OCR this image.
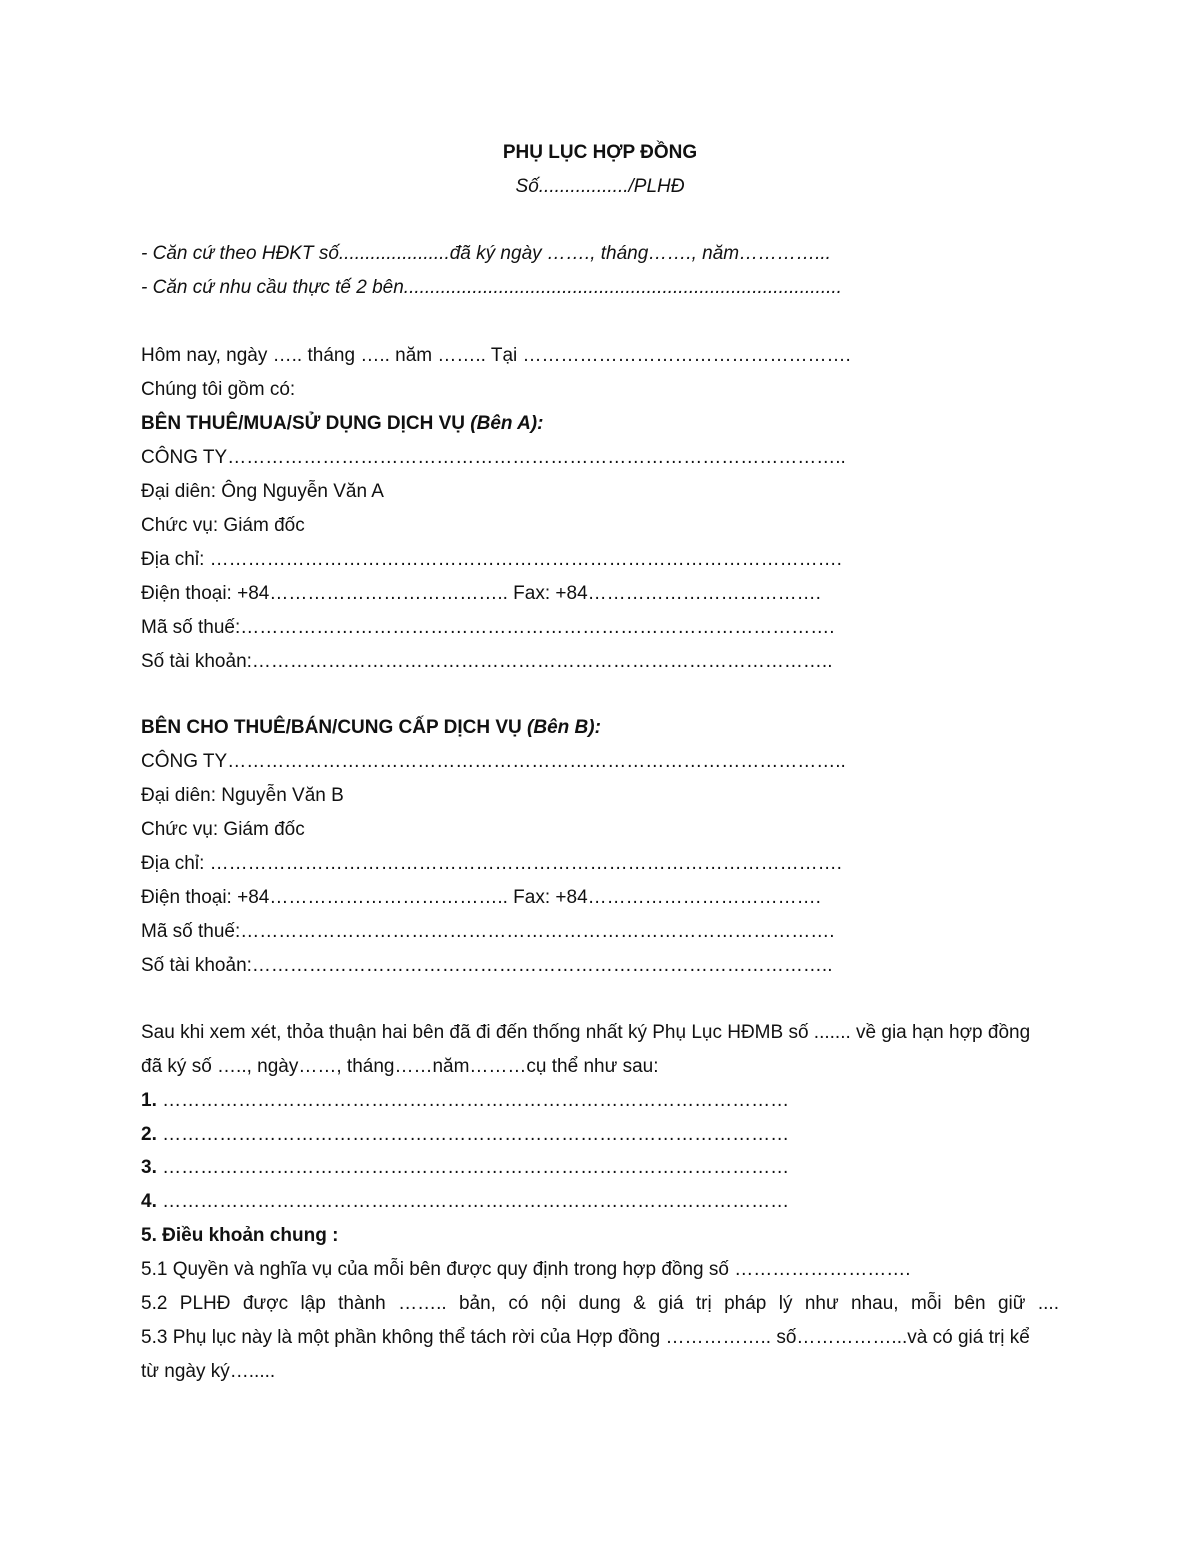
PHỤ LỤC HỢP ĐỒNG
Số................./PLHĐ
- Căn cứ theo HĐKT số.....................đã ký ngày ……., tháng……., năm…………...
- Căn cứ nhu cầu thực tế 2 bên...................................................................................
Hôm nay, ngày ….. tháng ….. năm …….. Tại …………………………………………….
Chúng tôi gồm có:
BÊN THUÊ/MUA/SỬ DỤNG DỊCH VỤ (Bên A):
CÔNG TY……………………………………………………………………………………..
Đại diên: Ông Nguyễn Văn A
Chức vụ: Giám đốc
Địa chỉ: ……………………………………………………………………………………….
Điện thoại: +84……………………………….. Fax: +84……………………………….
Mã số thuế:………………………………………………………………………………….
Số tài khoản:………………………………………………………………………………..
BÊN CHO THUÊ/BÁN/CUNG CẤP DỊCH VỤ (Bên B):
CÔNG TY……………………………………………………………………………………..
Đại diên: Nguyễn Văn B
Chức vụ: Giám đốc
Địa chỉ: ……………………………………………………………………………………….
Điện thoại: +84……………………………….. Fax: +84……………………………….
Mã số thuế:………………………………………………………………………………….
Số tài khoản:………………………………………………………………………………..
Sau khi xem xét, thỏa thuận hai bên đã đi đến thống nhất ký Phụ Lục HĐMB số ....... về gia hạn hợp đồng
đã ký số ….., ngày……, tháng……năm………cụ thể như sau:
1. ………………………………………………………………………………………
2. ………………………………………………………………………………………
3. ………………………………………………………………………………………
4. ………………………………………………………………………………………
5. Điều khoản chung :
5.1 Quyền và nghĩa vụ của mỗi bên được quy định trong hợp đồng số ……………………….
5.2 PLHĐ được lập thành …….. bản, có nội dung & giá trị pháp lý như nhau, mỗi bên giữ ....
5.3 Phụ lục này là một phần không thể tách rời của Hợp đồng …………….. số……………...và có giá trị kể
từ ngày ký….....
